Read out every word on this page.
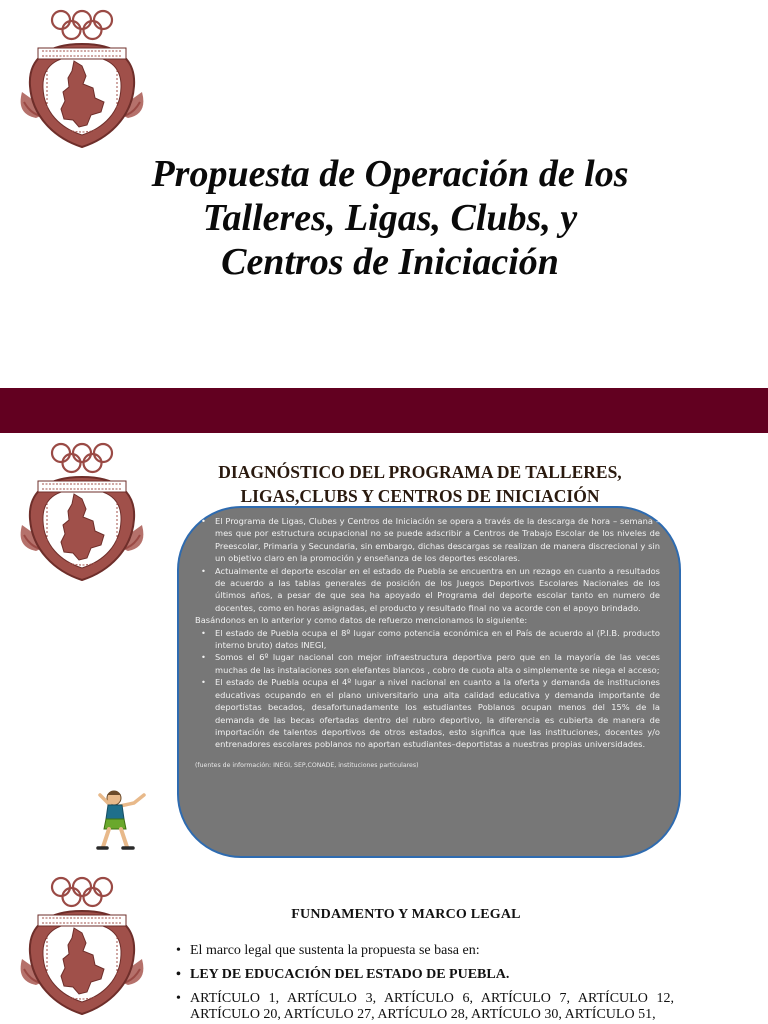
Propuesta de Operación de los
Talleres, Ligas, Clubs, y
Centros de Iniciación
DIAGNÓSTICO DEL PROGRAMA DE TALLERES,
LIGAS,CLUBS Y CENTROS DE INICIACIÓN
• El Programa de Ligas, Clubes y Centros de Iniciación se opera a través de la descarga de hora – semana – mes que por estructura ocupacional no se puede adscribir a Centros de Trabajo Escolar de los niveles de Preescolar, Primaria y Secundaria, sin embargo, dichas descargas se realizan de manera discrecional y sin un objetivo claro en la promoción y enseñanza de los deportes escolares.
• Actualmente el deporte escolar en el estado de Puebla se encuentra en un rezago en cuanto a resultados de acuerdo a las tablas generales de posición de los Juegos Deportivos Escolares Nacionales de los últimos años, a pesar de que sea ha apoyado el Programa del deporte escolar tanto en numero de docentes, como en horas asignadas, el producto y resultado final no va acorde con el apoyo brindado.

Basándonos en lo anterior y como datos de refuerzo mencionamos lo siguiente:

• El estado de Puebla ocupa el 8º lugar como potencia económica en el País de acuerdo al (P.I.B. producto interno bruto) datos INEGI,
• Somos el 6º lugar nacional con mejor infraestructura deportiva pero que en la mayoría de las veces muchas de las instalaciones son elefantes blancos , cobro de cuota alta o simplemente se niega el acceso;
• El estado de Puebla ocupa el 4º lugar a nivel nacional en cuanto a la oferta y demanda de instituciones educativas ocupando en el plano universitario una alta calidad educativa y demanda importante de deportistas becados, desafortunadamente los estudiantes Poblanos ocupan menos del 15% de la demanda de las becas ofertadas dentro del rubro deportivo, la diferencia es cubierta de manera de importación de talentos deportivos de otros estados, esto significa que las instituciones, docentes y/o entrenadores escolares poblanos no aportan estudiantes–deportistas a nuestras propias universidades.

(fuentes de información: INEGI, SEP,CONADE, instituciones particulares)

FUNDAMENTO Y MARCO LEGAL
• El marco legal que sustenta la propuesta se basa en:
• LEY DE EDUCACIÓN DEL ESTADO DE PUEBLA.
• ARTÍCULO 1, ARTÍCULO 3, ARTÍCULO 6, ARTÍCULO 7, ARTÍCULO 12, ARTÍCULO 20, ARTÍCULO 27, ARTÍCULO 28, ARTÍCULO 30, ARTÍCULO 51,
